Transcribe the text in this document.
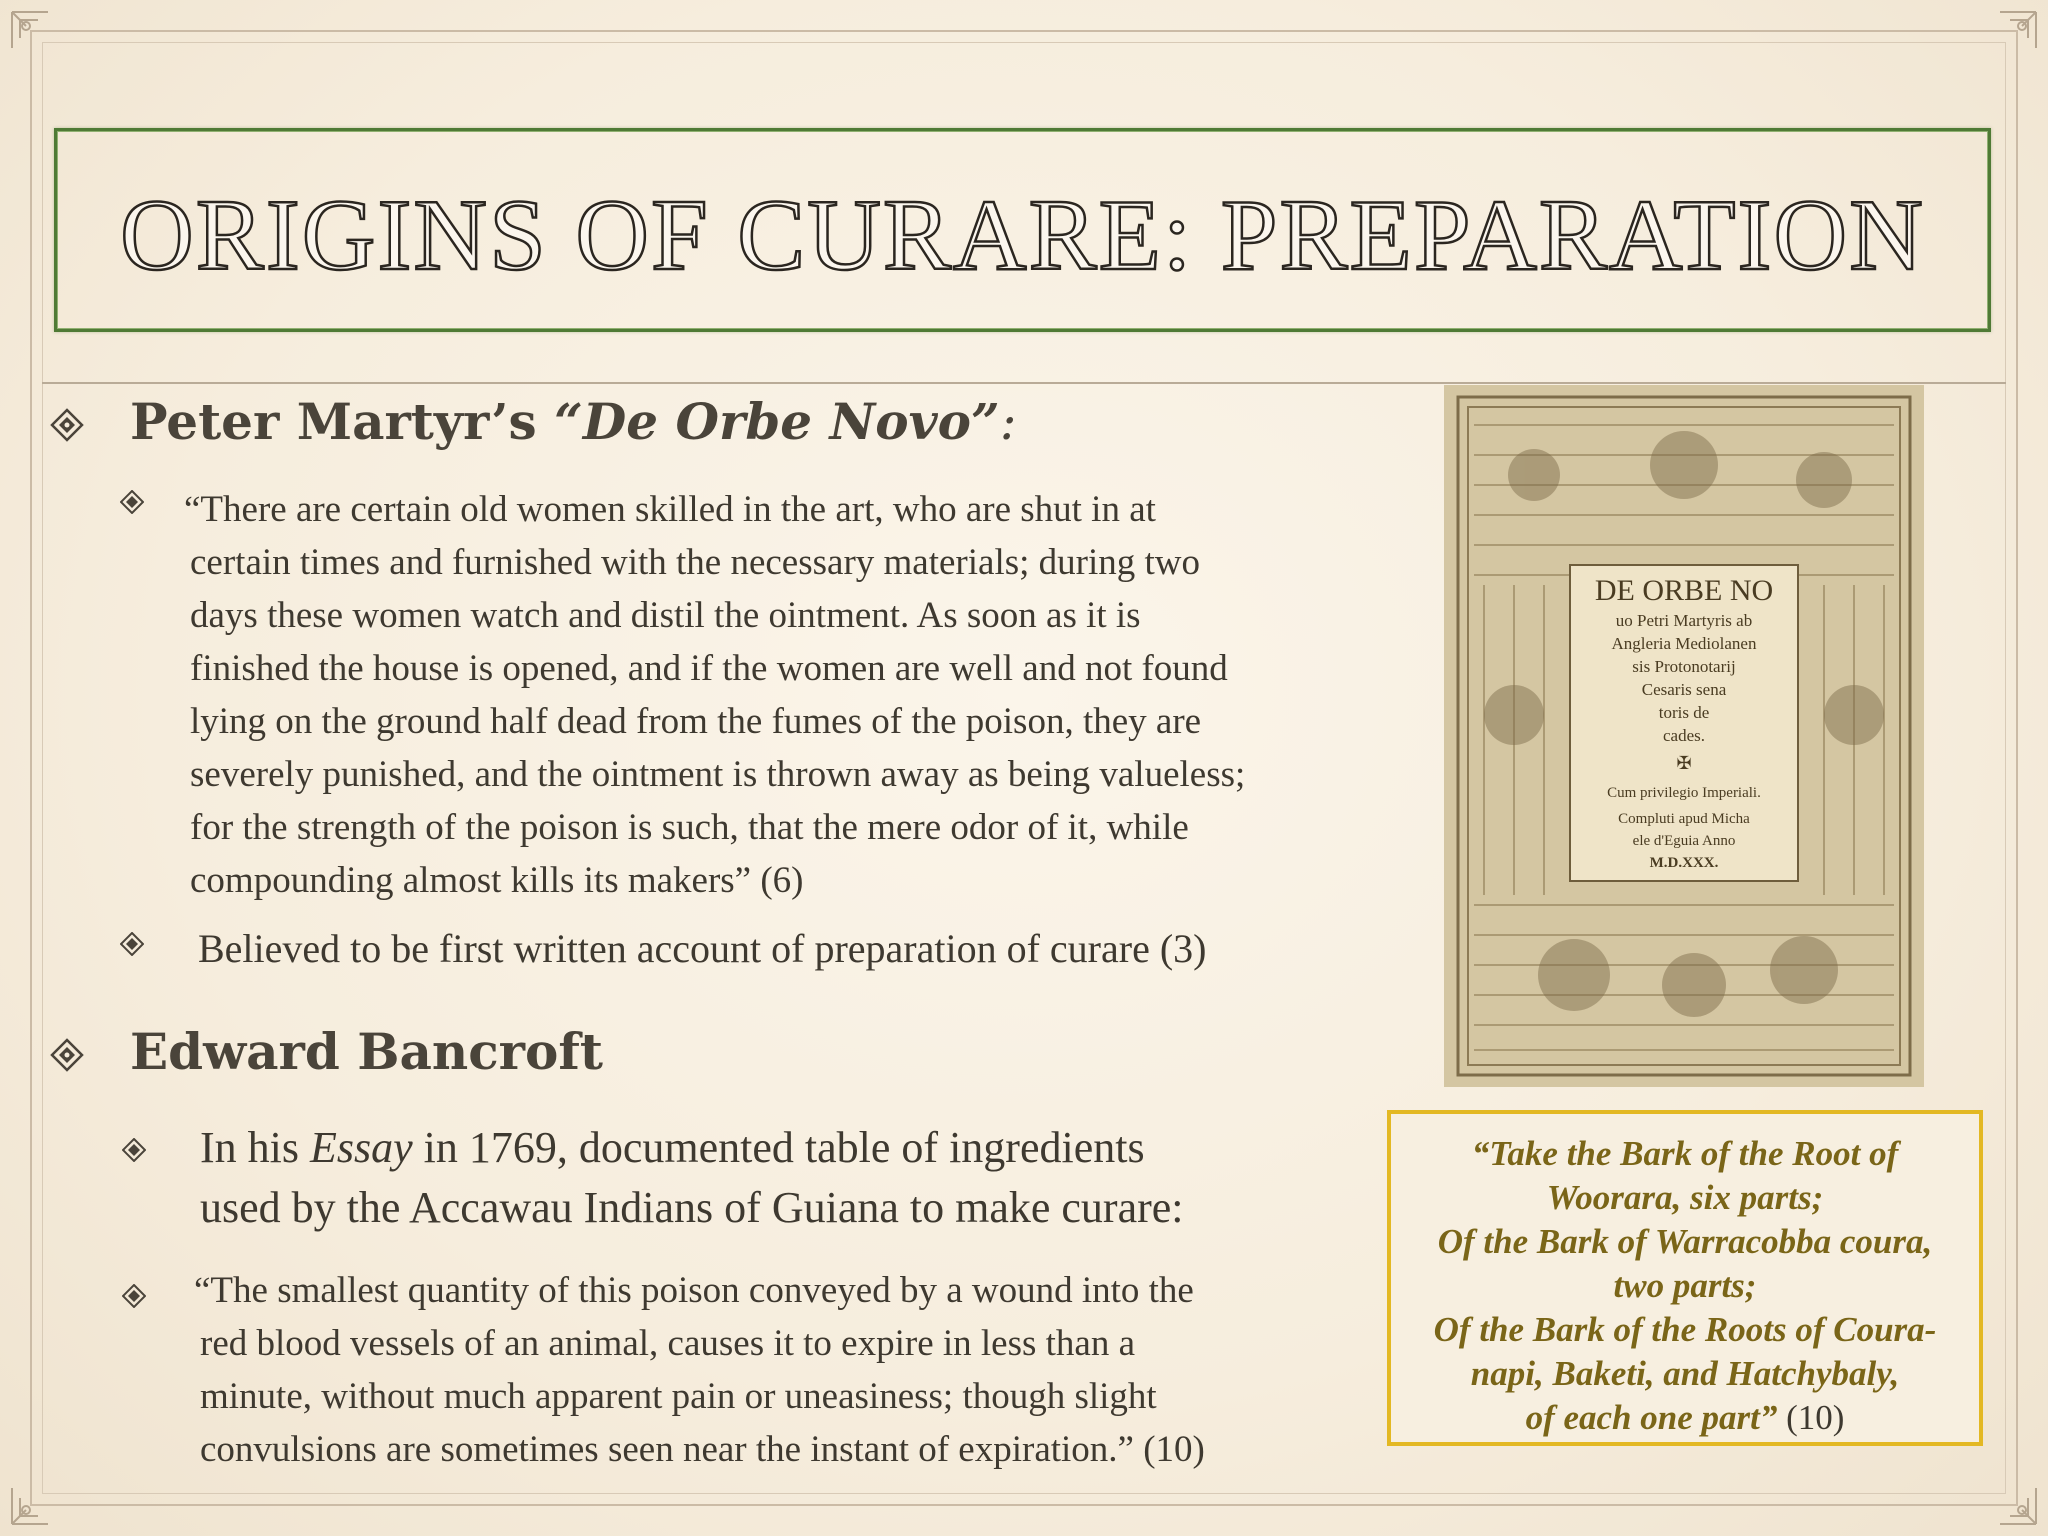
ORIGINS OF CURARE: PREPARATION
Peter Martyr’s “De Orbe Novo”:
“There are certain old women skilled in the art, who are shut in at
certain times and furnished with the necessary materials; during two
days these women watch and distil the ointment. As soon as it is
finished the house is opened, and if the women are well and not found
lying on the ground half dead from the fumes of the poison, they are
severely punished, and the ointment is thrown away as being valueless;
for the strength of the poison is such, that the mere odor of it, while
compounding almost kills its makers” (6)
Believed to be first written account of preparation of curare (3)
Edward Bancroft
In his Essay in 1769, documented table of ingredients
used by the Accawau Indians of Guiana to make curare:
“The smallest quantity of this poison conveyed by a wound into the
red blood vessels of an animal, causes it to expire in less than a
minute, without much apparent pain or uneasiness; though slight
convulsions are sometimes seen near the instant of expiration.” (10)
DE ORBE NO
uo Petri Martyris ab
Angleria Mediolanen
sis Protonotarij
Cesaris sena
toris de
cades.
✠
Cum privilegio Imperiali.
Compluti apud Micha
ele d'Eguia Anno
M.D.XXX.
“Take the Bark of the Root of
Woorara, six parts;
Of the Bark of Warracobba coura,
two parts;
Of the Bark of the Roots of Coura-
napi, Baketi, and Hatchybaly,
of each one part” (10)
